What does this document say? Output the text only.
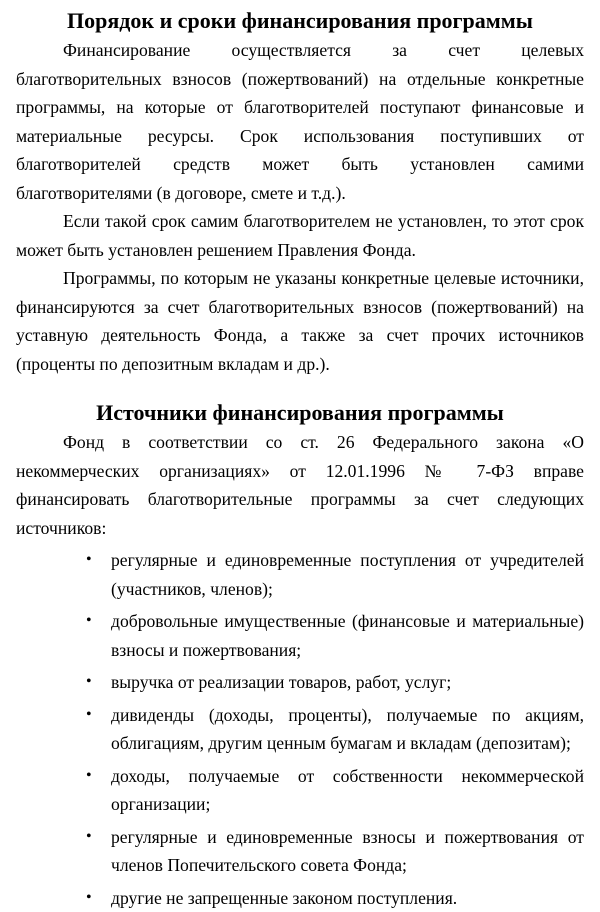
Порядок и сроки финансирования программы

Финансирование осуществляется за счет целевых благотворительных взносов (пожертвований) на отдельные конкретные программы, на которые от благотворителей поступают финансовые и материальные ресурсы. Срок использования поступивших от благотворителей средств может быть установлен самими благотворителями (в договоре, смете и т.д.).

Если такой срок самим благотворителем не установлен, то этот срок может быть установлен решением Правления Фонда.

Программы, по которым не указаны конкретные целевые источники, финансируются за счет благотворительных взносов (пожертвований) на уставную деятельность Фонда, а также за счет прочих источников (проценты по депозитным вкладам и др.).

Источники финансирования программы

Фонд в соответствии со ст. 26 Федерального закона «О некоммерческих организациях» от 12.01.1996 № 7-ФЗ вправе финансировать благотворительные программы за счет следующих источников:

• регулярные и единовременные поступления от учредителей (участников, членов);
• добровольные имущественные (финансовые и материальные) взносы и пожертвования;
• выручка от реализации товаров, работ, услуг;
• дивиденды (доходы, проценты), получаемые по акциям, облигациям, другим ценным бумагам и вкладам (депозитам);
• доходы, получаемые от собственности некоммерческой организации;
• регулярные и единовременные взносы и пожертвования от членов Попечительского совета Фонда;
• другие не запрещенные законом поступления.
